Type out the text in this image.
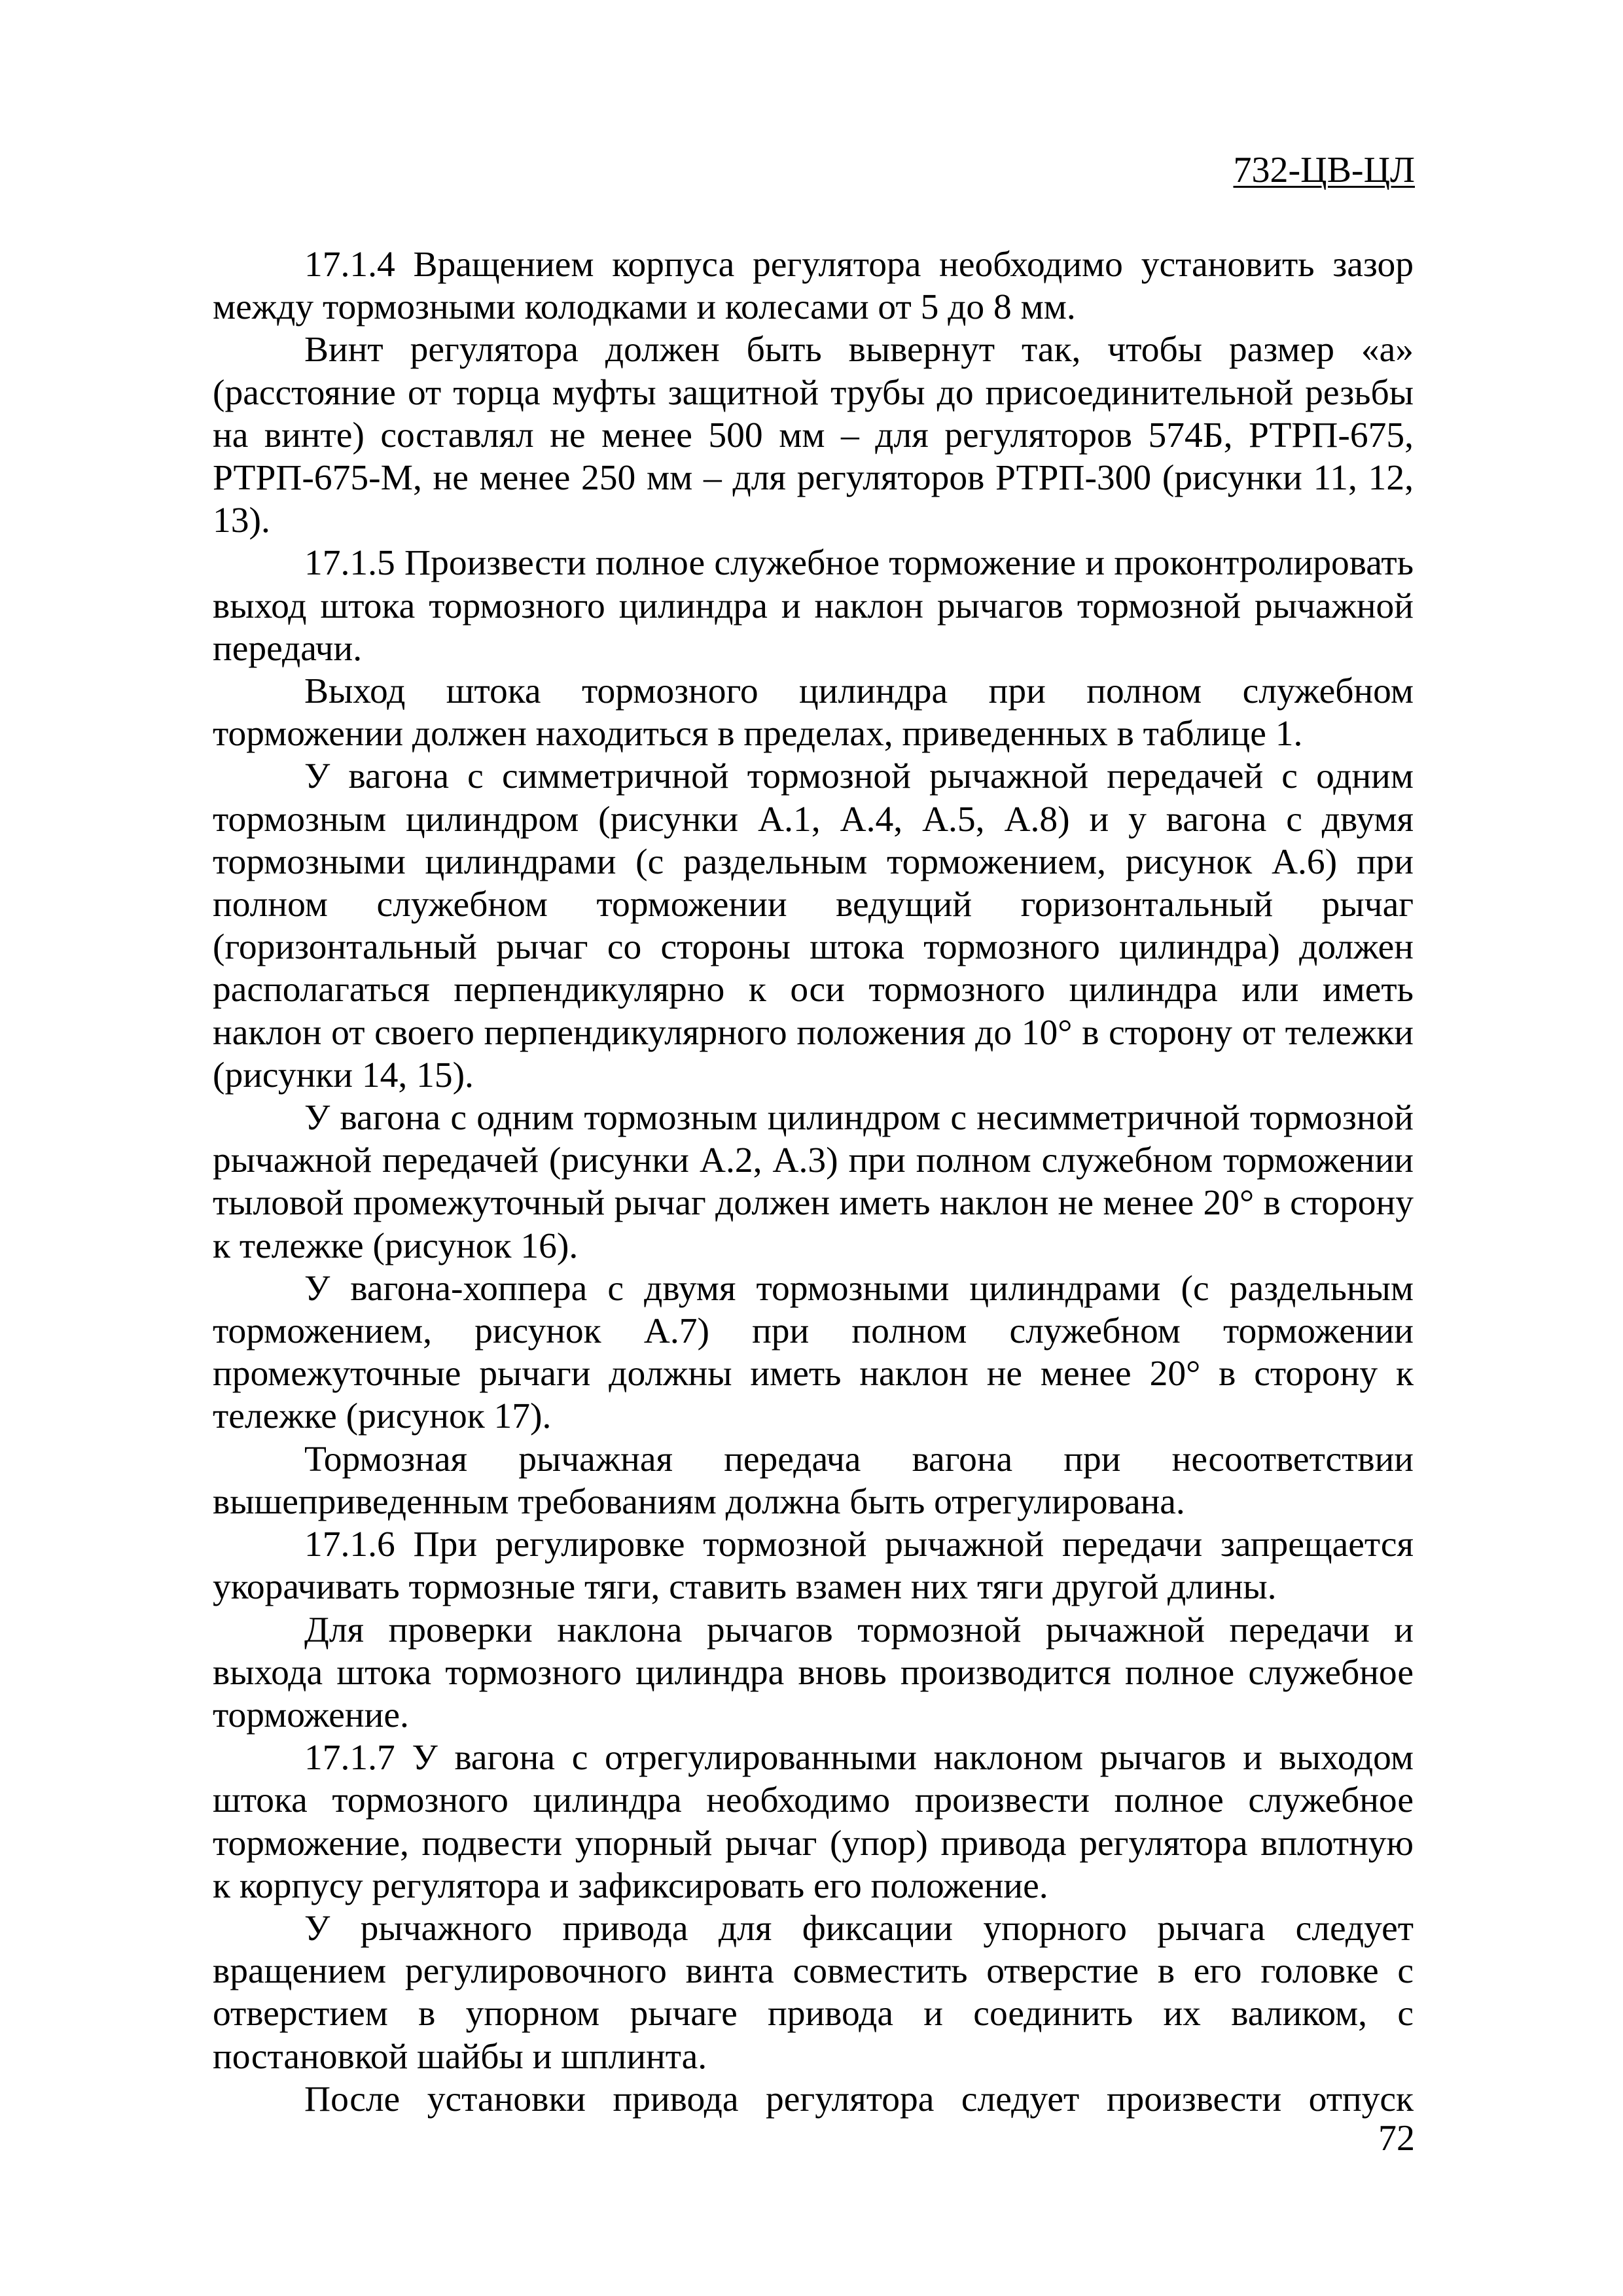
732-ЦВ-ЦЛ

17.1.4 Вращением корпуса регулятора необходимо установить зазор между тормозными колодками и колесами от 5 до 8 мм.

Винт регулятора должен быть вывернут так, чтобы размер «а» (расстояние от торца муфты защитной трубы до присоединительной резьбы на винте) составлял не менее 500 мм – для регуляторов 574Б, РТРП-675, РТРП-675-М, не менее 250 мм – для регуляторов РТРП-300 (рисунки 11, 12, 13).

17.1.5 Произвести полное служебное торможение и проконтролировать выход штока тормозного цилиндра и наклон рычагов тормозной рычажной передачи.

Выход штока тормозного цилиндра при полном служебном торможении должен находиться в пределах, приведенных в таблице 1.

У вагона с симметричной тормозной рычажной передачей с одним тормозным цилиндром (рисунки А.1, А.4, А.5, А.8) и у вагона с двумя тормозными цилиндрами (с раздельным торможением, рисунок А.6) при полном служебном торможении ведущий горизонтальный рычаг (горизонтальный рычаг со стороны штока тормозного цилиндра) должен располагаться перпендикулярно к оси тормозного цилиндра или иметь наклон от своего перпендикулярного положения до 10° в сторону от тележки (рисунки 14, 15).

У вагона с одним тормозным цилиндром с несимметричной тормозной рычажной передачей (рисунки А.2, А.3) при полном служебном торможении тыловой промежуточный рычаг должен иметь наклон не менее 20° в сторону к тележке (рисунок 16).

У вагона-хоппера с двумя тормозными цилиндрами (с раздельным торможением, рисунок А.7) при полном служебном торможении промежуточные рычаги должны иметь наклон не менее 20° в сторону к тележке (рисунок 17).

Тормозная рычажная передача вагона при несоответствии вышеприведенным требованиям должна быть отрегулирована.

17.1.6 При регулировке тормозной рычажной передачи запрещается укорачивать тормозные тяги, ставить взамен них тяги другой длины.

Для проверки наклона рычагов тормозной рычажной передачи и выхода штока тормозного цилиндра вновь производится полное служебное торможение.

17.1.7 У вагона с отрегулированными наклоном рычагов и выходом штока тормозного цилиндра необходимо произвести полное служебное торможение, подвести упорный рычаг (упор) привода регулятора вплотную к корпусу регулятора и зафиксировать его положение.

У рычажного привода для фиксации упорного рычага следует вращением регулировочного винта совместить отверстие в его головке с отверстием в упорном рычаге привода и соединить их валиком, с постановкой шайбы и шплинта.

После установки привода регулятора следует произвести отпуск

72
